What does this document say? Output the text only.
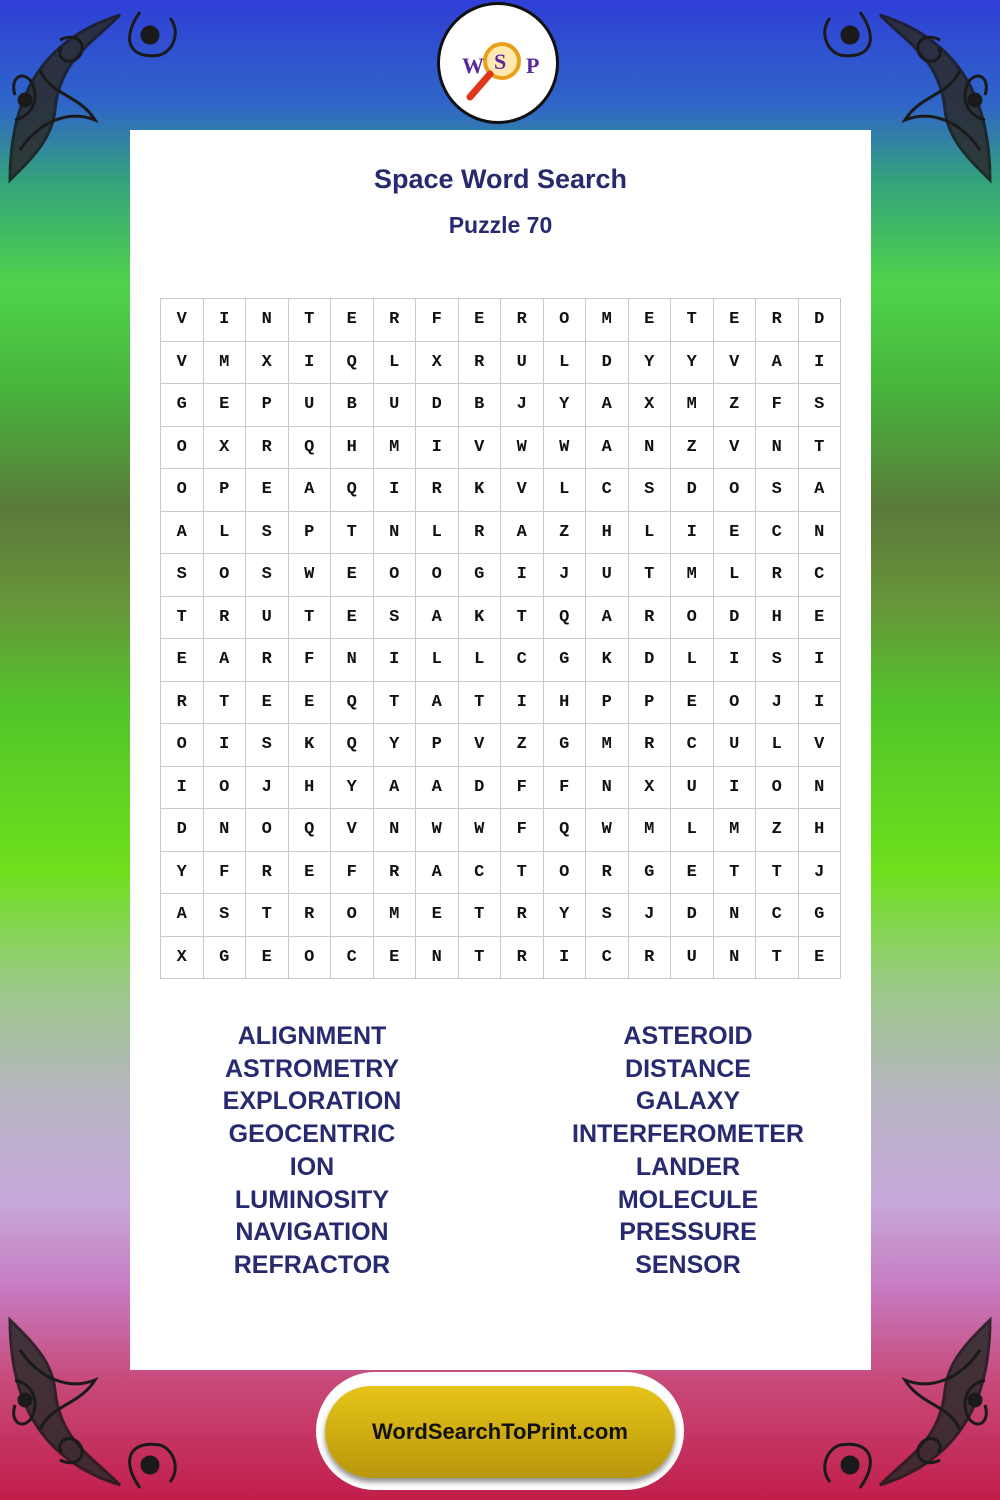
W S P
Space Word Search
Puzzle 70
V	I	N	T	E	R	F	E	R	O	M	E	T	E	R	D
V	M	X	I	Q	L	X	R	U	L	D	Y	Y	V	A	I
G	E	P	U	B	U	D	B	J	Y	A	X	M	Z	F	S
O	X	R	Q	H	M	I	V	W	W	A	N	Z	V	N	T
O	P	E	A	Q	I	R	K	V	L	C	S	D	O	S	A
A	L	S	P	T	N	L	R	A	Z	H	L	I	E	C	N
S	O	S	W	E	O	O	G	I	J	U	T	M	L	R	C
T	R	U	T	E	S	A	K	T	Q	A	R	O	D	H	E
E	A	R	F	N	I	L	L	C	G	K	D	L	I	S	I
R	T	E	E	Q	T	A	T	I	H	P	P	E	O	J	I
O	I	S	K	Q	Y	P	V	Z	G	M	R	C	U	L	V
I	O	J	H	Y	A	A	D	F	F	N	X	U	I	O	N
D	N	O	Q	V	N	W	W	F	Q	W	M	L	M	Z	H
Y	F	R	E	F	R	A	C	T	O	R	G	E	T	T	J
A	S	T	R	O	M	E	T	R	Y	S	J	D	N	C	G
X	G	E	O	C	E	N	T	R	I	C	R	U	N	T	E
ALIGNMENT
ASTROMETRY
EXPLORATION
GEOCENTRIC
ION
LUMINOSITY
NAVIGATION
REFRACTOR
ASTEROID
DISTANCE
GALAXY
INTERFEROMETER
LANDER
MOLECULE
PRESSURE
SENSOR
WordSearchToPrint.com
